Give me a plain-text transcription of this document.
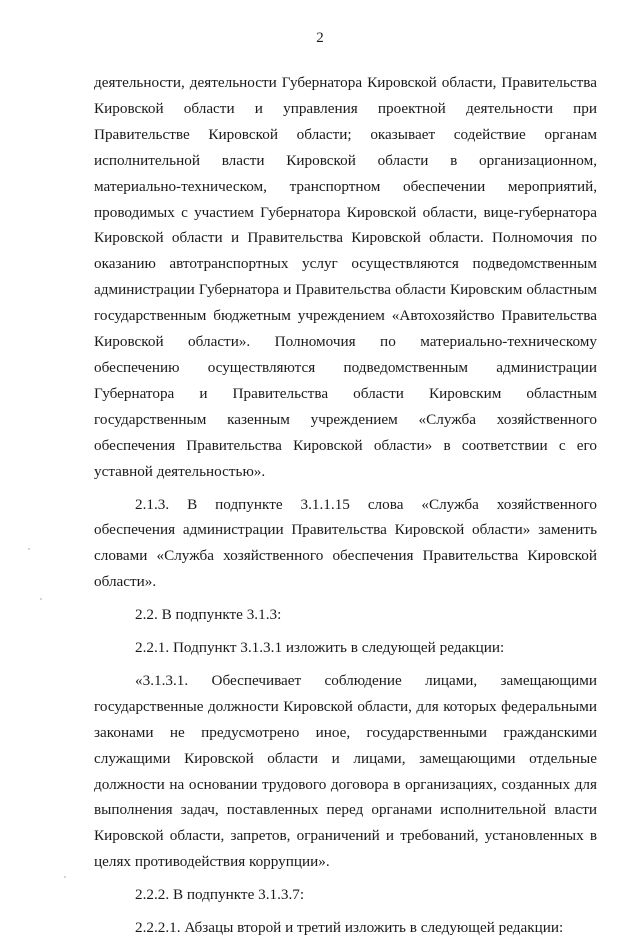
2

деятельности, деятельности Губернатора Кировской области, Правительства Кировской области и управления проектной деятельности при Правительстве Кировской области; оказывает содействие органам исполнительной власти Кировской области в организационном, материально-техническом, транспортном обеспечении мероприятий, проводимых с участием Губернатора Кировской области, вице-губернатора Кировской области и Правительства Кировской области. Полномочия по оказанию автотранспортных услуг осуществляются подведомственным администрации Губернатора и Правительства области Кировским областным государственным бюджетным учреждением «Автохозяйство Правительства Кировской области». Полномочия по материально-техническому обеспечению осуществляются подведомственным администрации Губернатора и Правительства области Кировским областным государственным казенным учреждением «Служба хозяйственного обеспечения Правительства Кировской области» в соответствии с его уставной деятельностью».

2.1.3. В подпункте 3.1.1.15 слова «Служба хозяйственного обеспечения администрации Правительства Кировской области» заменить словами «Служба хозяйственного обеспечения Правительства Кировской области».

2.2. В подпункте 3.1.3:

2.2.1. Подпункт 3.1.3.1 изложить в следующей редакции:

«3.1.3.1. Обеспечивает соблюдение лицами, замещающими государственные должности Кировской области, для которых федеральными законами не предусмотрено иное, государственными гражданскими служащими Кировской области и лицами, замещающими отдельные должности на основании трудового договора в организациях, созданных для выполнения задач, поставленных перед органами исполнительной власти Кировской области, запретов, ограничений и требований, установленных в целях противодействия коррупции».

2.2.2. В подпункте 3.1.3.7:

2.2.2.1. Абзацы второй и третий изложить в следующей редакции:
